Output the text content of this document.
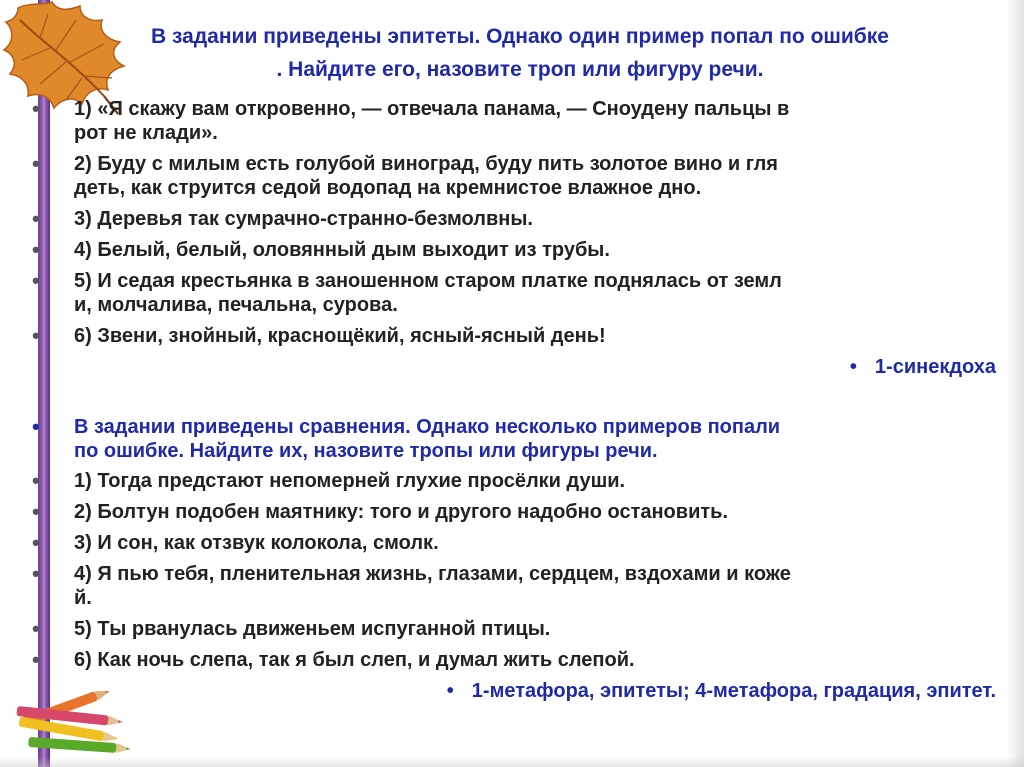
В задании приведены эпитеты. Однако один пример попал по ошибке
. Найдите его, назовите троп или фигуру речи.
• 1) «Я скажу вам откровенно, — отвечала панама, — Сноудену пальцы в
рот не клади».
• 2) Буду с милым есть голубой виноград, буду пить золотое вино и гля
деть, как струится седой водопад на кремнистое влажное дно.
• 3) Деревья так сумрачно-странно-безмолвны.
• 4) Белый, белый, оловянный дым выходит из трубы.
• 5) И седая крестьянка в заношенном старом платке поднялась от земл
и, молчалива, печальна, сурова.
• 6) Звени, знойный, краснощёкий, ясный-ясный день!
• 1-синекдоха
• В задании приведены сравнения. Однако несколько примеров попали
по ошибке. Найдите их, назовите тропы или фигуры речи.
• 1) Тогда предстают непомерней глухие просёлки души.
• 2) Болтун подобен маятнику: того и другого надобно остановить.
• 3) И сон, как отзвук колокола, смолк.
• 4) Я пью тебя, пленительная жизнь, глазами, сердцем, вздохами и коже
й.
• 5) Ты рванулась движеньем испуганной птицы.
• 6) Как ночь слепа, так я был слеп, и думал жить слепой.
• 1-метафора, эпитеты; 4-метафора, градация, эпитет.
